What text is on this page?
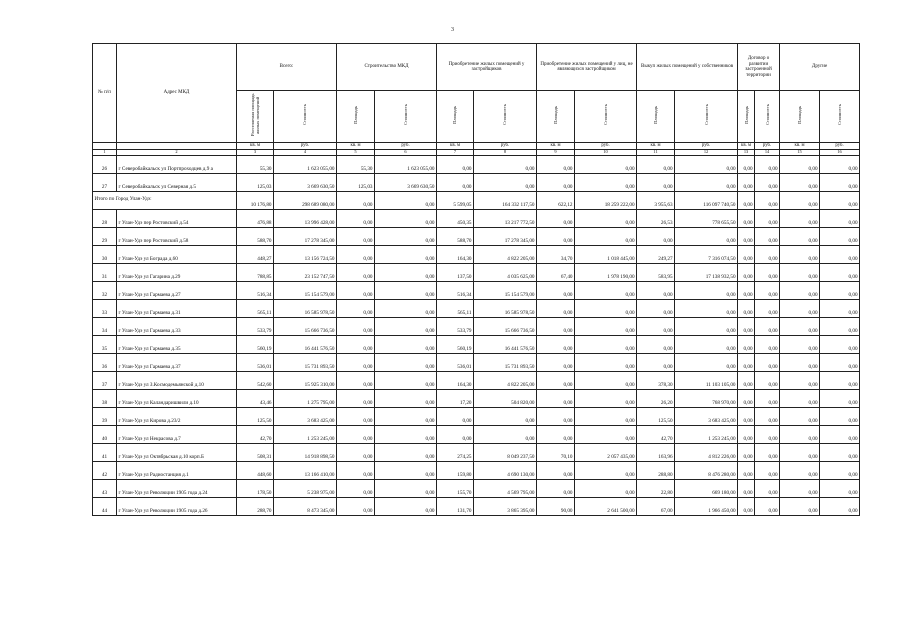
3
№ п/п	Адрес МКД	Всего:		Строительство МКД		Приобретение жилых помещений у застройщиков		Приобретение жилых помещений у лиц, не являющихся застройщиком		Выкуп жилых помещений у собственников		Договор о развитии застроенной территории		Другие	
		Расселяемая площадь жилых помещений	Стоимость	Площадь	Стоимость	Площадь	Стоимость	Площадь	Стоимость	Площадь	Стоимость	Площадь	Стоимость	Площадь	Стоимость
		кв. м	руб.	кв. м	руб.	кв. м	руб.	кв. м	руб.	кв. м	руб.	кв. м	руб.	кв. м	руб.
1	2	3	4	5	6	7	8	9	10	11	12	13	14	15	16
26	г Северобайкальск ул Портпроходцев д.9 а	55,30	1 623 055,00	55,30	1 623 055,00	0,00	0,00	0,00	0,00	0,00	0,00	0,00	0,00	0,00	0,00
27	г Северобайкальск ул Северная д.5	125,03	3 669 630,50	125,03	3 669 630,50	0,00	0,00	0,00	0,00	0,00	0,00	0,00	0,00	0,00	0,00
Итого по Город Улан-Удэ:		10 176,80	298 689 080,00	0,00	0,00	5 599,05	164 332 117,50	622,12	18 259 222,00	3 955,63	116 097 740,50	0,00	0,00	0,00	0,00
28	г Улан-Удэ пер Ростовский д.54	476,88	13 996 428,00	0,00	0,00	450,35	13 217 772,50	0,00	0,00	26,53	778 655,50	0,00	0,00	0,00	0,00
29	г Улан-Удэ пер Ростовский д.58	588,70	17 278 345,00	0,00	0,00	588,70	17 278 345,00	0,00	0,00	0,00	0,00	0,00	0,00	0,00	0,00
30	г Улан-Удэ ул Бограда д.60	448,27	13 156 724,50	0,00	0,00	164,30	4 822 205,00	34,70	1 018 445,00	249,27	7 316 074,50	0,00	0,00	0,00	0,00
31	г Улан-Удэ ул Гагарина д.29	788,85	23 152 747,50	0,00	0,00	137,50	4 035 625,00	67,40	1 978 190,00	583,95	17 138 932,50	0,00	0,00	0,00	0,00
32	г Улан-Удэ ул Гармаева д.27	516,34	15 154 579,00	0,00	0,00	516,34	15 154 579,00	0,00	0,00	0,00	0,00	0,00	0,00	0,00	0,00
33	г Улан-Удэ ул Гармаева д.31	565,11	16 585 978,50	0,00	0,00	565,11	16 585 978,50	0,00	0,00	0,00	0,00	0,00	0,00	0,00	0,00
34	г Улан-Удэ ул Гармаева д.33	533,79	15 666 736,50	0,00	0,00	533,79	15 666 736,50	0,00	0,00	0,00	0,00	0,00	0,00	0,00	0,00
35	г Улан-Удэ ул Гармаева д.35	560,19	16 441 576,50	0,00	0,00	560,19	16 441 576,50	0,00	0,00	0,00	0,00	0,00	0,00	0,00	0,00
36	г Улан-Удэ ул Гармаева д.37	536,01	15 731 893,50	0,00	0,00	536,01	15 731 893,50	0,00	0,00	0,00	0,00	0,00	0,00	0,00	0,00
37	г Улан-Удэ ул З.Космодемьянской д.10	542,60	15 925 310,00	0,00	0,00	164,30	4 822 205,00	0,00	0,00	378,30	11 103 105,00	0,00	0,00	0,00	0,00
38	г Улан-Удэ ул Каландаришвили д.10	43,46	1 275 795,00	0,00	0,00	17,20	504 820,00	0,00	0,00	26,20	768 970,00	0,00	0,00	0,00	0,00
39	г Улан-Удэ ул Кирова д.23/2	125,50	3 683 425,00	0,00	0,00	0,00	0,00	0,00	0,00	125,50	3 683 425,00	0,00	0,00	0,00	0,00
40	г Улан-Удэ ул Некрасова д.7	42,70	1 253 245,00	0,00	0,00	0,00	0,00	0,00	0,00	42,70	1 253 245,00	0,00	0,00	0,00	0,00
41	г Улан-Удэ ул Октябрьская д.10 корп.Б	508,31	14 918 898,50	0,00	0,00	274,25	8 049 237,50	70,10	2 057 435,00	163,96	4 812 226,00	0,00	0,00	0,00	0,00
42	г Улан-Удэ ул Радиостанция д.1	448,60	13 166 410,00	0,00	0,00	159,80	4 690 130,00	0,00	0,00	288,80	8 476 280,00	0,00	0,00	0,00	0,00
43	г Улан-Удэ ул Революции 1905 года д.24	178,50	5 238 975,00	0,00	0,00	155,70	4 569 795,00	0,00	0,00	22,80	669 180,00	0,00	0,00	0,00	0,00
44	г Улан-Удэ ул Революции 1905 года д.26	288,70	8 473 345,00	0,00	0,00	131,70	3 865 395,00	90,00	2 641 500,00	67,00	1 966 450,00	0,00	0,00	0,00	0,00
